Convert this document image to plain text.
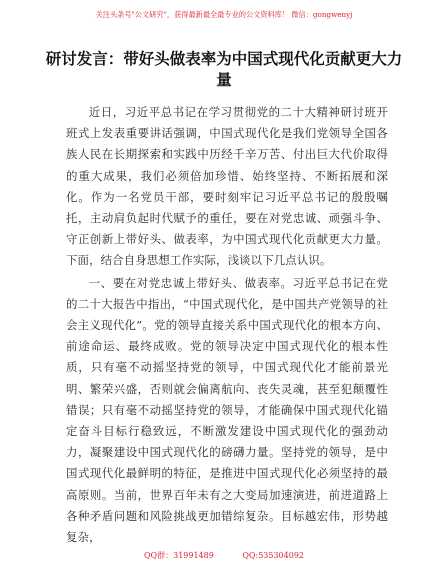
关注头条号"公文研究"，获得最新最全最专业的公文资料库！ 微信：gongwenyj
研讨发言：带好头做表率为中国式现代化贡献更大力量

近日，习近平总书记在学习贯彻党的二十大精神研讨班开班式上发表重要讲话强调，中国式现代化是我们党领导全国各族人民在长期探索和实践中历经千辛万苦、付出巨大代价取得的重大成果，我们必须倍加珍惜、始终坚持、不断拓展和深化。作为一名党员干部，要时刻牢记习近平总书记的殷殷嘱托，主动肩负起时代赋予的重任，要在对党忠诚、顽强斗争、守正创新上带好头、做表率，为中国式现代化贡献更大力量。下面，结合自身思想工作实际，浅谈以下几点认识。

一、要在对党忠诚上带好头、做表率。习近平总书记在党的二十大报告中指出，“中国式现代化，是中国共产党领导的社会主义现代化”。党的领导直接关系中国式现代化的根本方向、前途命运、最终成败。党的领导决定中国式现代化的根本性质，只有毫不动摇坚持党的领导，中国式现代化才能前景光明、繁荣兴盛，否则就会偏离航向、丧失灵魂，甚至犯颠覆性错误；只有毫不动摇坚持党的领导，才能确保中国式现代化锚定奋斗目标行稳致远，不断激发建设中国式现代化的强劲动力，凝聚建设中国式现代化的磅礴力量。坚持党的领导，是中国式现代化最鲜明的特征，是推进中国式现代化必须坚持的最高原则。当前，世界百年未有之大变局加速演进，前进道路上各种矛盾问题和风险挑战更加错综复杂。目标越宏伟，形势越复杂，

QQ群：31991489	QQ:535304092
